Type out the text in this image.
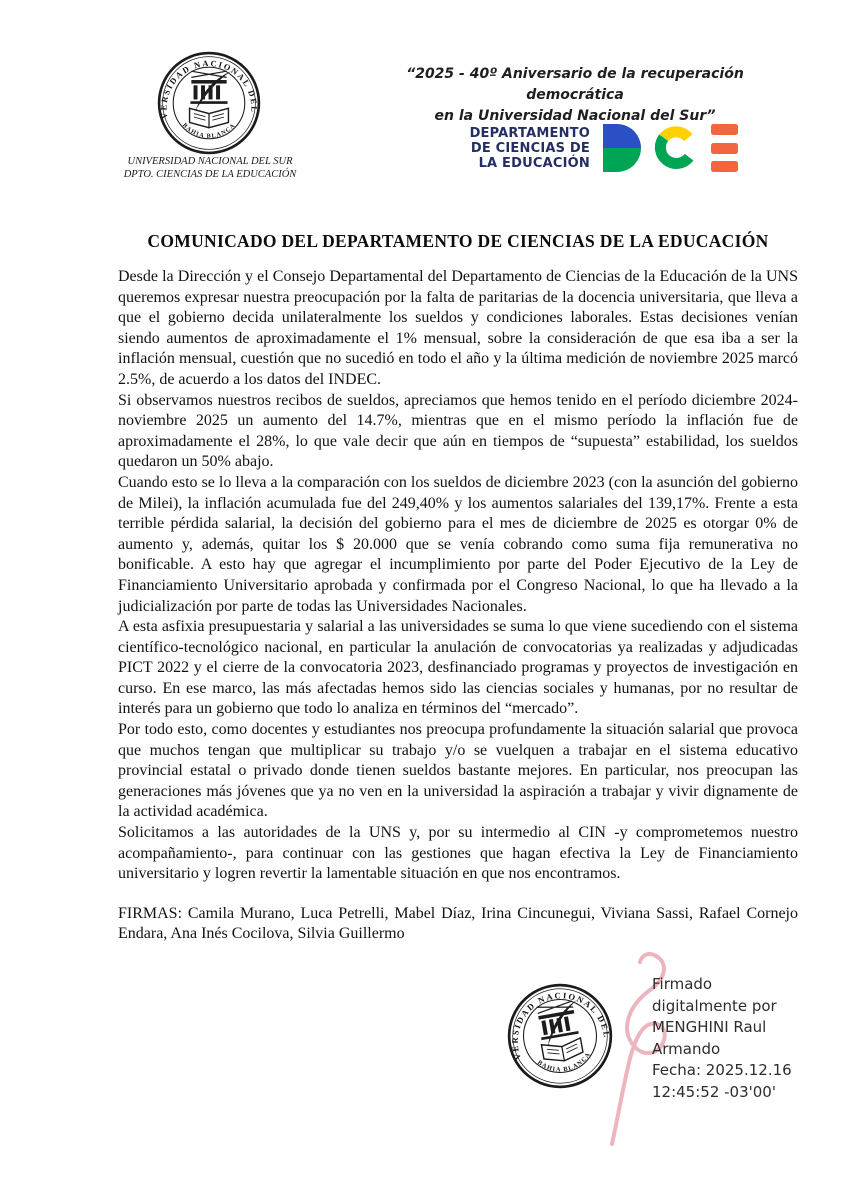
UNIVERSIDAD NACIONAL DEL SUR
DPTO. CIENCIAS DE LA EDUCACIÓN
“2025 - 40º Aniversario de la recuperación democrática
en la Universidad Nacional del Sur”
DEPARTAMENTO
DE CIENCIAS DE
LA EDUCACIÓN
COMUNICADO DEL DEPARTAMENTO DE CIENCIAS DE LA EDUCACIÓN

Desde la Dirección y el Consejo Departamental del Departamento de Ciencias de la Educación de la UNS queremos expresar nuestra preocupación por la falta de paritarias de la docencia universitaria, que lleva a que el gobierno decida unilateralmente los sueldos y condiciones laborales. Estas decisiones venían siendo aumentos de aproximadamente el 1% mensual, sobre la consideración de que esa iba a ser la inflación mensual, cuestión que no sucedió en todo el año y la última medición de noviembre 2025 marcó 2.5%, de acuerdo a los datos del INDEC.

Si observamos nuestros recibos de sueldos, apreciamos que hemos tenido en el período diciembre 2024-noviembre 2025 un aumento del 14.7%, mientras que en el mismo período la inflación fue de aproximadamente el 28%, lo que vale decir que aún en tiempos de “supuesta” estabilidad, los sueldos quedaron un 50% abajo.

Cuando esto se lo lleva a la comparación con los sueldos de diciembre 2023 (con la asunción del gobierno de Milei), la inflación acumulada fue del 249,40% y los aumentos salariales del 139,17%. Frente a esta terrible pérdida salarial, la decisión del gobierno para el mes de diciembre de 2025 es otorgar 0% de aumento y, además, quitar los $ 20.000 que se venía cobrando como suma fija remunerativa no bonificable. A esto hay que agregar el incumplimiento por parte del Poder Ejecutivo de la Ley de Financiamiento Universitario aprobada y confirmada por el Congreso Nacional, lo que ha llevado a la judicialización por parte de todas las Universidades Nacionales.

A esta asfixia presupuestaria y salarial a las universidades se suma lo que viene sucediendo con el sistema científico-tecnológico nacional, en particular la anulación de convocatorias ya realizadas y adjudicadas PICT 2022 y el cierre de la convocatoria 2023, desfinanciado programas y proyectos de investigación en curso. En ese marco, las más afectadas hemos sido las ciencias sociales y humanas, por no resultar de interés para un gobierno que todo lo analiza en términos del “mercado”.

Por todo esto, como docentes y estudiantes nos preocupa profundamente la situación salarial que provoca que muchos tengan que multiplicar su trabajo y/o se vuelquen a trabajar en el sistema educativo provincial estatal o privado donde tienen sueldos bastante mejores. En particular, nos preocupan las generaciones más jóvenes que ya no ven en la universidad la aspiración a trabajar y vivir dignamente de la actividad académica.

Solicitamos a las autoridades de la UNS y, por su intermedio al CIN -y comprometemos nuestro acompañamiento-, para continuar con las gestiones que hagan efectiva la Ley de Financiamiento universitario y logren revertir la lamentable situación en que nos encontramos.

FIRMAS: Camila Murano, Luca Petrelli, Mabel Díaz, Irina Cincunegui, Viviana Sassi, Rafael Cornejo Endara, Ana Inés Cocilova, Silvia Guillermo

Firmado
digitalmente por
MENGHINI Raul
Armando
Fecha: 2025.12.16
12:45:52 -03'00'
